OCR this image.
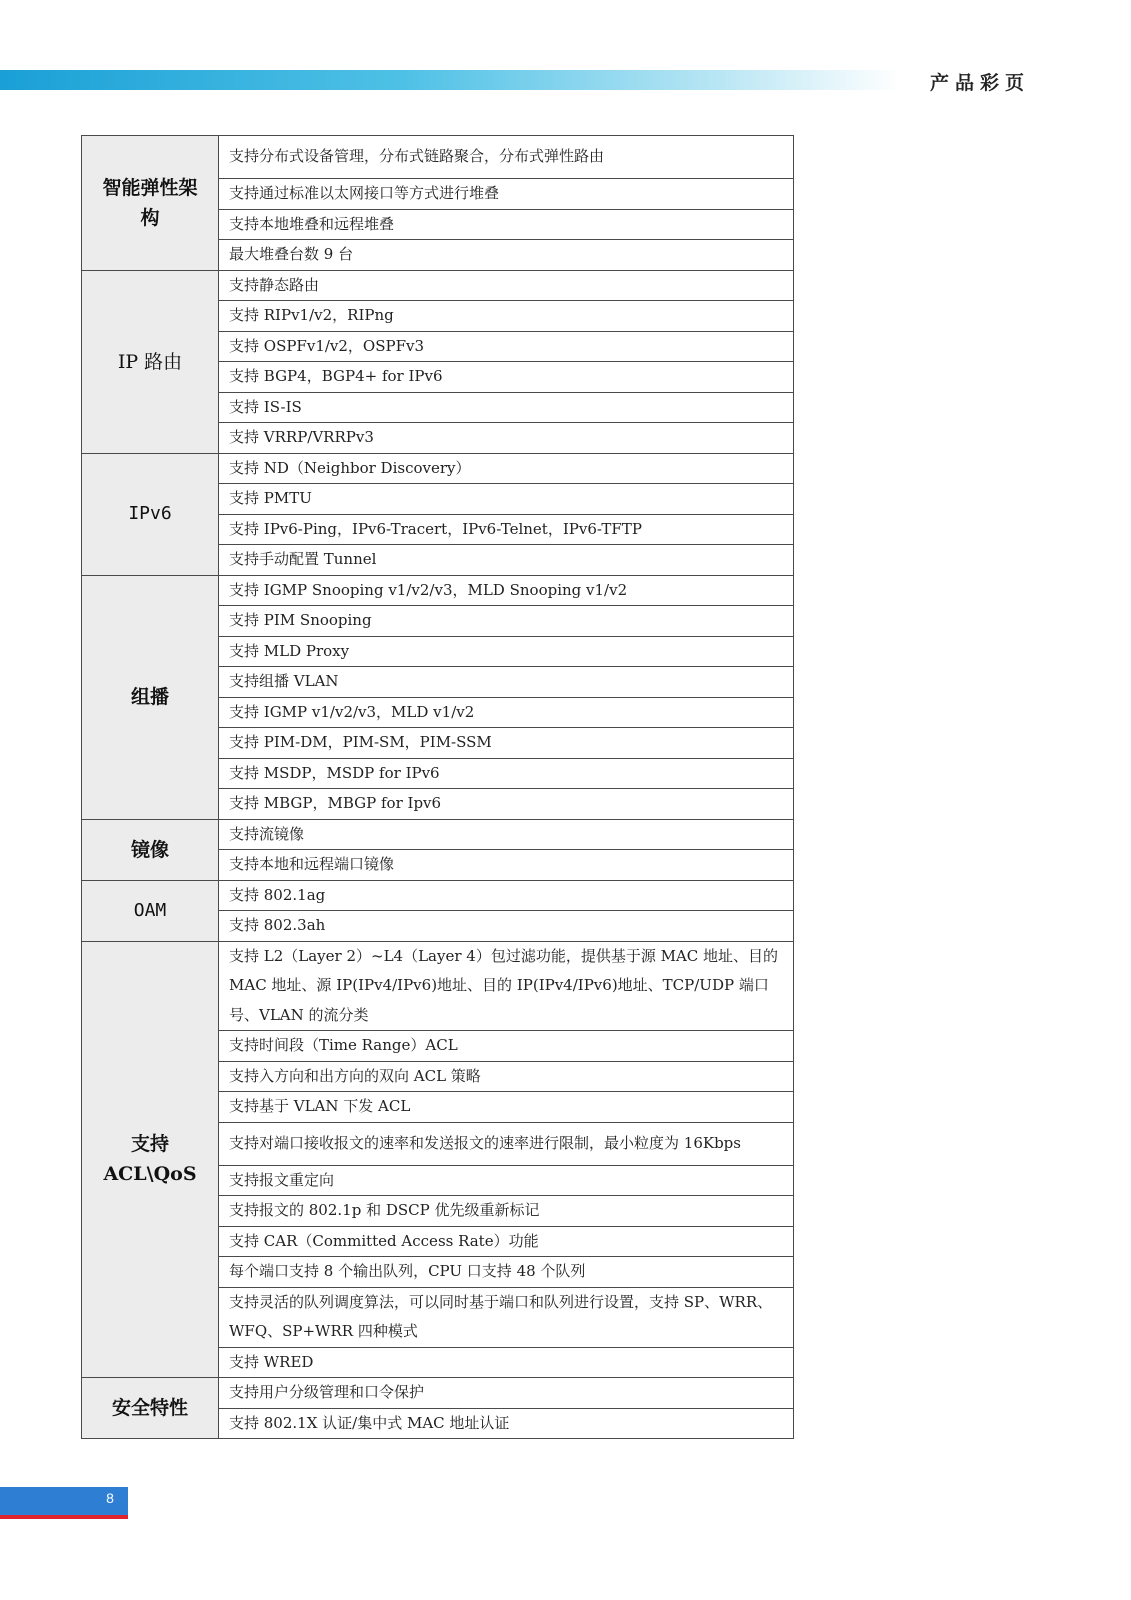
产品彩页
智能弹性架构	支持分布式设备管理，分布式链路聚合，分布式弹性路由
	支持通过标准以太网接口等方式进行堆叠
	支持本地堆叠和远程堆叠
	最大堆叠台数 9 台
IP 路由	支持静态路由
	支持 RIPv1/v2，RIPng
	支持 OSPFv1/v2，OSPFv3
	支持 BGP4，BGP4+ for IPv6
	支持 IS-IS
	支持 VRRP/VRRPv3
IPv6	支持 ND（Neighbor Discovery）
	支持 PMTU
	支持 IPv6-Ping，IPv6-Tracert，IPv6-Telnet，IPv6-TFTP
	支持手动配置 Tunnel
组播	支持 IGMP Snooping v1/v2/v3，MLD Snooping v1/v2
	支持 PIM Snooping
	支持 MLD Proxy
	支持组播 VLAN
	支持 IGMP v1/v2/v3，MLD v1/v2
	支持 PIM-DM，PIM-SM，PIM-SSM
	支持 MSDP，MSDP for IPv6
	支持 MBGP，MBGP for Ipv6
镜像	支持流镜像
	支持本地和远程端口镜像
OAM	支持 802.1ag
	支持 802.3ah
支持 ACL\QoS	支持 L2（Layer 2）~L4（Layer 4）包过滤功能，提供基于源 MAC 地址、目的 MAC 地址、源 IP(IPv4/IPv6)地址、目的 IP(IPv4/IPv6)地址、TCP/UDP 端口号、VLAN 的流分类
	支持时间段（Time Range）ACL
	支持入方向和出方向的双向 ACL 策略
	支持基于 VLAN 下发 ACL
	支持对端口接收报文的速率和发送报文的速率进行限制，最小粒度为 16Kbps
	支持报文重定向
	支持报文的 802.1p 和 DSCP 优先级重新标记
	支持 CAR（Committed Access Rate）功能
	每个端口支持 8 个输出队列，CPU 口支持 48 个队列
	支持灵活的队列调度算法，可以同时基于端口和队列进行设置，支持 SP、WRR、WFQ、SP+WRR 四种模式
	支持 WRED
安全特性	支持用户分级管理和口令保护
	支持 802.1X 认证/集中式 MAC 地址认证
8
